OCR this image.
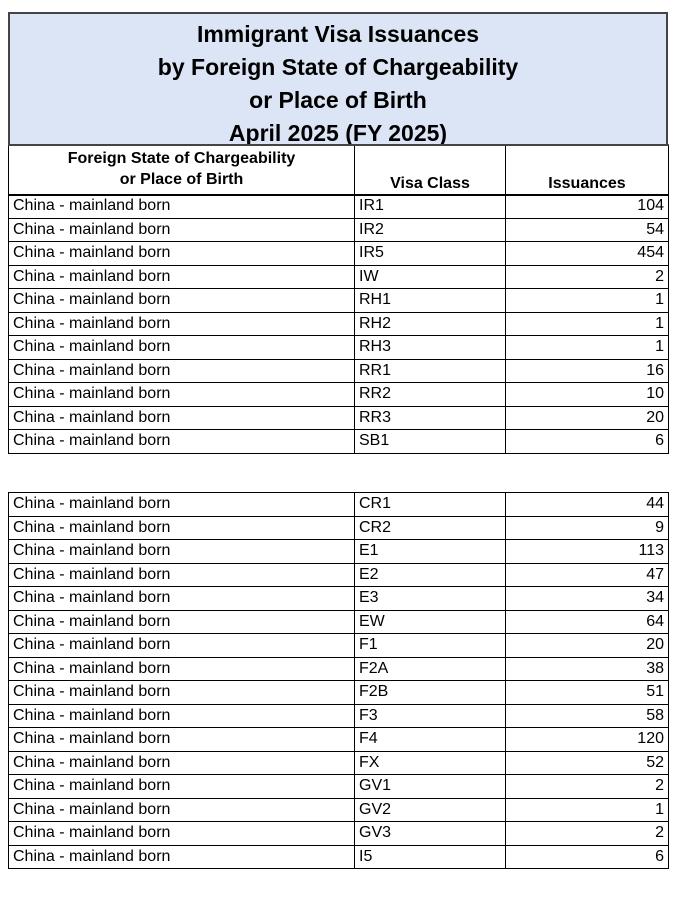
Immigrant Visa Issuances
by Foreign State of Chargeability
or Place of Birth
April 2025 (FY 2025)
Foreign State of Chargeability
or Place of Birth	Visa Class	Issuances
China - mainland born	IR1	104
China - mainland born	IR2	54
China - mainland born	IR5	454
China - mainland born	IW	2
China - mainland born	RH1	1
China - mainland born	RH2	1
China - mainland born	RH3	1
China - mainland born	RR1	16
China - mainland born	RR2	10
China - mainland born	RR3	20
China - mainland born	SB1	6
China - mainland born	CR1	44
China - mainland born	CR2	9
China - mainland born	E1	113
China - mainland born	E2	47
China - mainland born	E3	34
China - mainland born	EW	64
China - mainland born	F1	20
China - mainland born	F2A	38
China - mainland born	F2B	51
China - mainland born	F3	58
China - mainland born	F4	120
China - mainland born	FX	52
China - mainland born	GV1	2
China - mainland born	GV2	1
China - mainland born	GV3	2
China - mainland born	I5	6
